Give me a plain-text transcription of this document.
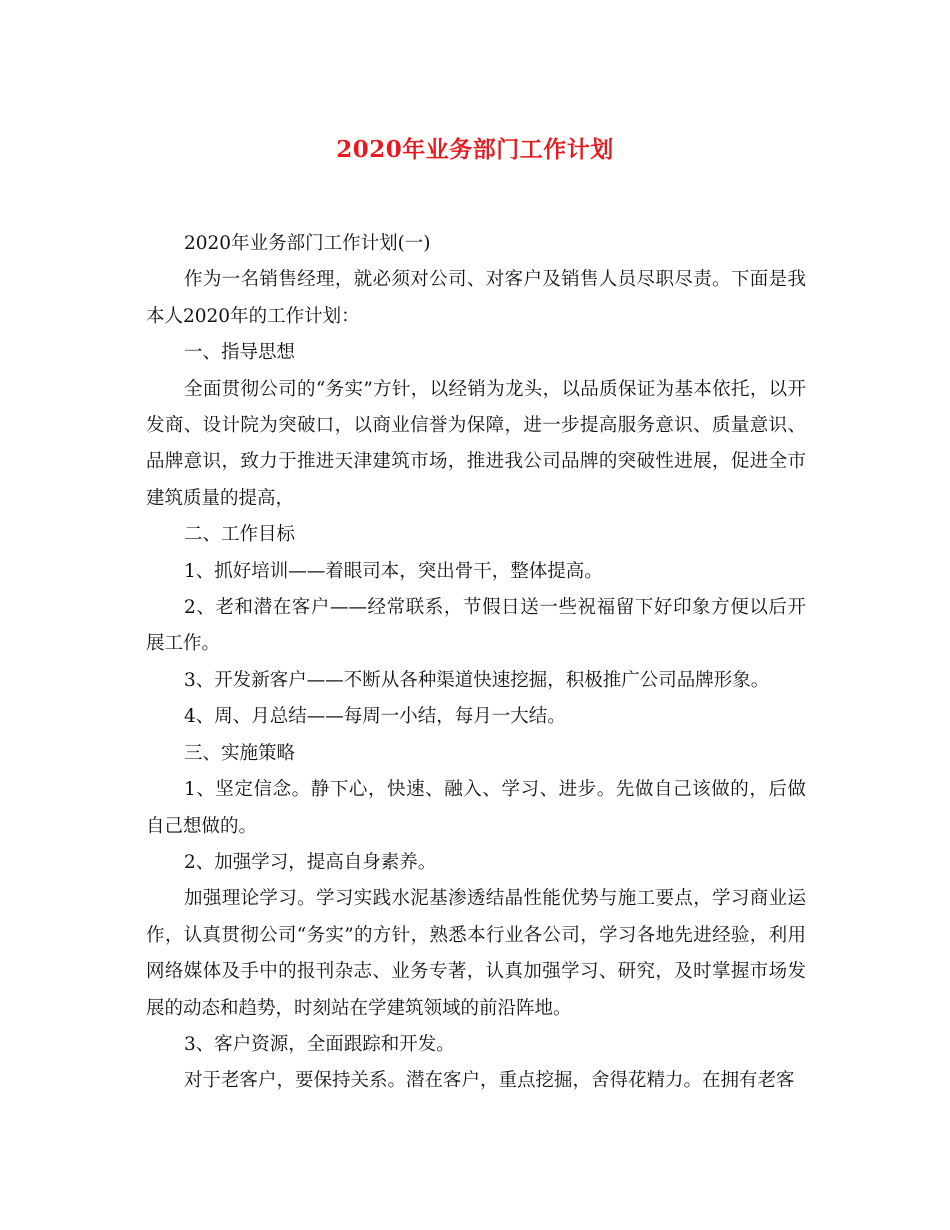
2020年业务部门工作计划

2020年业务部门工作计划(一)

作为一名销售经理，就必须对公司、对客户及销售人员尽职尽责。下面是我本人2020年的工作计划：

一、指导思想

全面贯彻公司的“务实”方针，以经销为龙头，以品质保证为基本依托，以开发商、设计院为突破口，以商业信誉为保障，进一步提高服务意识、质量意识、品牌意识，致力于推进天津建筑市场，推进我公司品牌的突破性进展，促进全市建筑质量的提高，

二、工作目标

1、抓好培训——着眼司本，突出骨干，整体提高。

2、老和潜在客户——经常联系，节假日送一些祝福留下好印象方便以后开展工作。

3、开发新客户——不断从各种渠道快速挖掘，积极推广公司品牌形象。

4、周、月总结——每周一小结，每月一大结。

三、实施策略

1、坚定信念。静下心，快速、融入、学习、进步。先做自己该做的，后做自己想做的。

2、加强学习，提高自身素养。

加强理论学习。学习实践水泥基渗透结晶性能优势与施工要点，学习商业运作，认真贯彻公司“务实”的方针，熟悉本行业各公司，学习各地先进经验，利用网络媒体及手中的报刊杂志、业务专著，认真加强学习、研究，及时掌握市场发展的动态和趋势，时刻站在学建筑领域的前沿阵地。

3、客户资源，全面跟踪和开发。

对于老客户，要保持关系。潜在客户，重点挖掘，舍得花精力。在拥有老客
